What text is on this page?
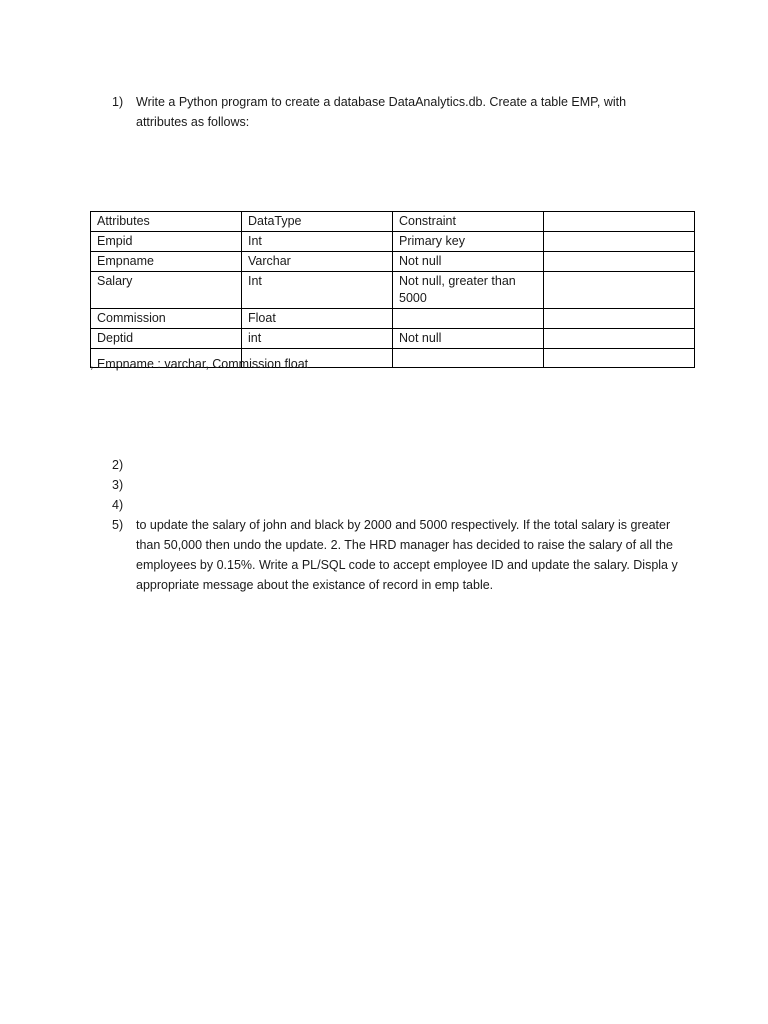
1) Write a Python program to create a database DataAnalytics.db. Create a table EMP, with attributes as follows:
Attributes	DataType	Constraint	
Empid	Int	Primary key	
Empname	Varchar	Not null	
Salary	Int	Not null, greater than 5000	
Commission	Float		
Deptid	int	Not null	

, Empname : varchar, Commission float
2)
3)
4)
5) to update the salary of john and black by 2000 and 5000 respectively. If the total salary is greater than 50,000 then undo the update. 2. The HRD manager has decided to raise the salary of all the employees by 0.15%. Write a PL/SQL code to accept employee ID and update the salary. Displa y appropriate message about the existance of record in emp table.
